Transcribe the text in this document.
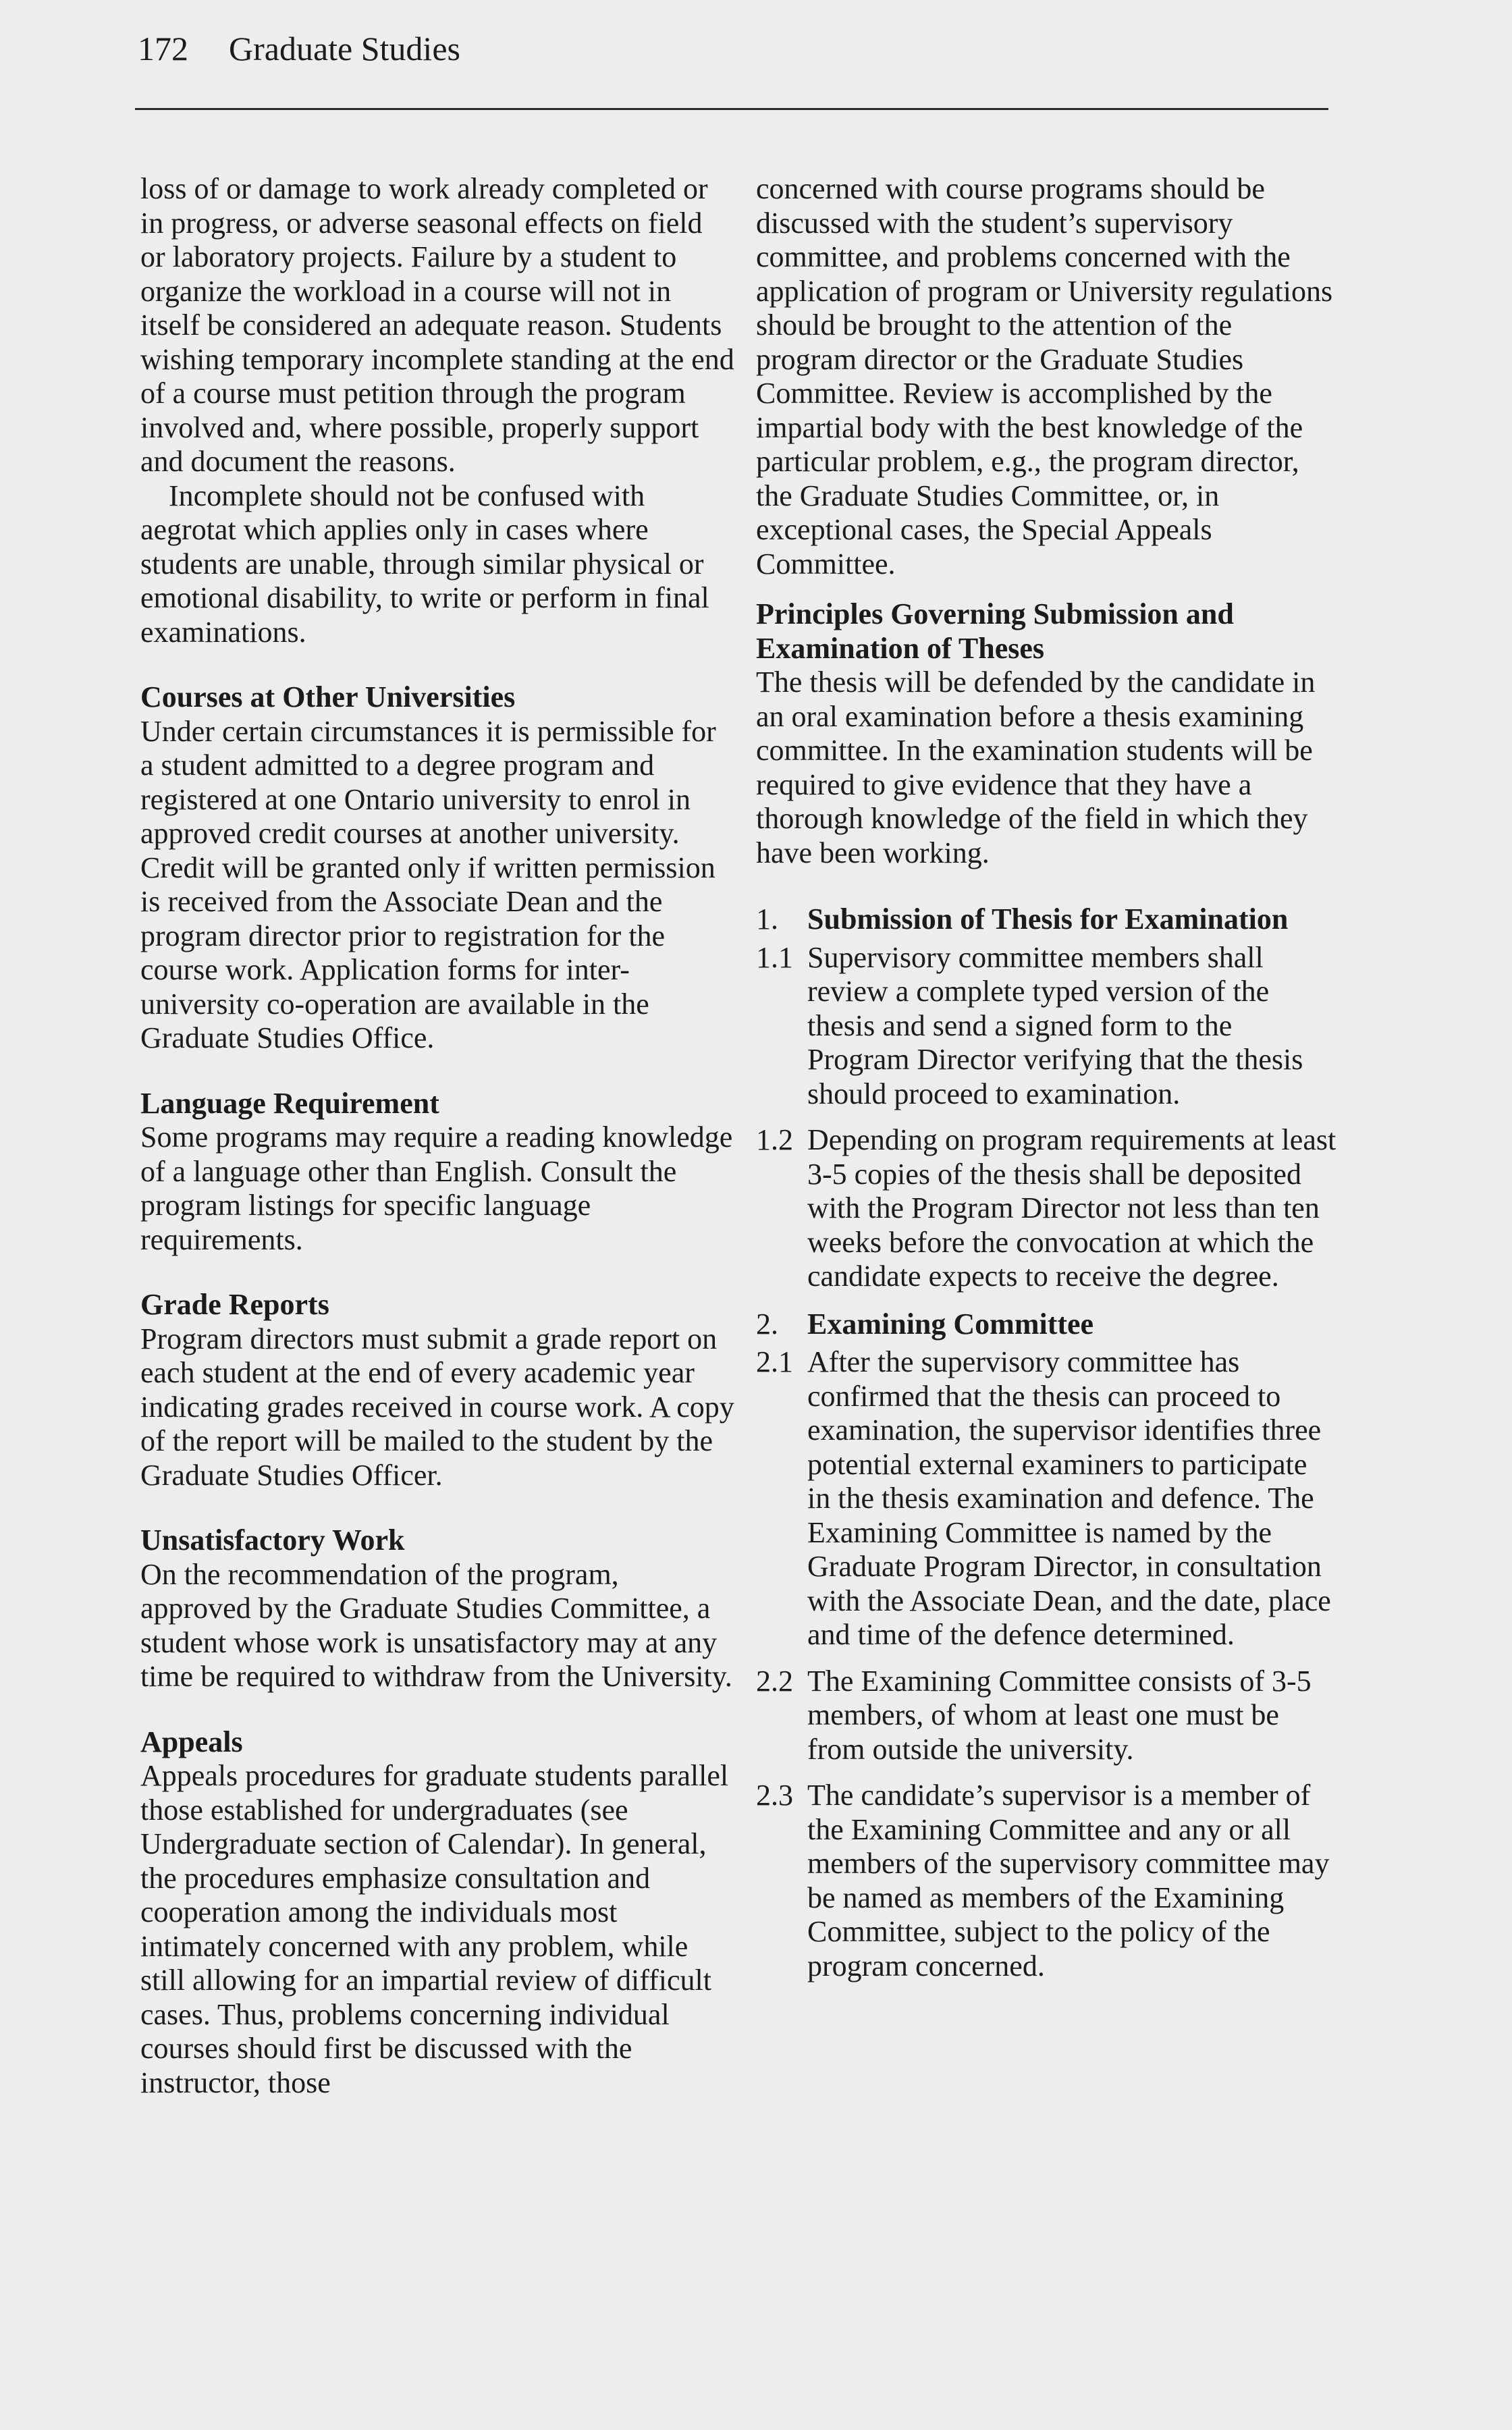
172 Graduate Studies

loss of or damage to work already completed or in progress, or adverse seasonal effects on field or laboratory projects. Failure by a student to organize the workload in a course will not in itself be considered an adequate reason. Students wishing temporary incomplete standing at the end of a course must petition through the program involved and, where possible, properly support and document the reasons.

Incomplete should not be confused with aegrotat which applies only in cases where students are unable, through similar physical or emotional disability, to write or perform in final examinations.

Courses at Other Universities

Under certain circumstances it is permissible for a student admitted to a degree program and registered at one Ontario university to enrol in approved credit courses at another university. Credit will be granted only if written permission is received from the Associate Dean and the program director prior to registration for the course work. Application forms for inter-university co-operation are available in the Graduate Studies Office.

Language Requirement

Some programs may require a reading knowledge of a language other than English. Consult the program listings for specific language requirements.

Grade Reports

Program directors must submit a grade report on each student at the end of every academic year indicating grades received in course work. A copy of the report will be mailed to the student by the Graduate Studies Officer.

Unsatisfactory Work

On the recommendation of the program, approved by the Graduate Studies Committee, a student whose work is unsatisfactory may at any time be required to withdraw from the University.

Appeals

Appeals procedures for graduate students parallel those established for undergraduates (see Undergraduate section of Calendar). In general, the procedures emphasize consultation and cooperation among the individuals most intimately concerned with any problem, while still allowing for an impartial review of difficult cases. Thus, problems concerning individual courses should first be discussed with the instructor, those

concerned with course programs should be discussed with the student’s supervisory committee, and problems concerned with the application of program or University regulations should be brought to the attention of the program director or the Graduate Studies Committee. Review is accomplished by the impartial body with the best knowledge of the particular problem, e.g., the program director, the Graduate Studies Committee, or, in exceptional cases, the Special Appeals Committee.

Principles Governing Submission and Examination of Theses

The thesis will be defended by the candidate in an oral examination before a thesis examining committee. In the examination students will be required to give evidence that they have a thorough knowledge of the field in which they have been working.

1. Submission of Thesis for Examination
1.1 Supervisory committee members shall review a complete typed version of the thesis and send a signed form to the Program Director verifying that the thesis should proceed to examination.
1.2 Depending on program requirements at least 3-5 copies of the thesis shall be deposited with the Program Director not less than ten weeks before the convocation at which the candidate expects to receive the degree.
2. Examining Committee
2.1 After the supervisory committee has confirmed that the thesis can proceed to examination, the supervisor identifies three potential external examiners to participate in the thesis examination and defence. The Examining Committee is named by the Graduate Program Director, in consultation with the Associate Dean, and the date, place and time of the defence determined.
2.2 The Examining Committee consists of 3-5 members, of whom at least one must be from outside the university.
2.3 The candidate’s supervisor is a member of the Examining Committee and any or all members of the supervisory committee may be named as members of the Examining Committee, subject to the policy of the program concerned.
